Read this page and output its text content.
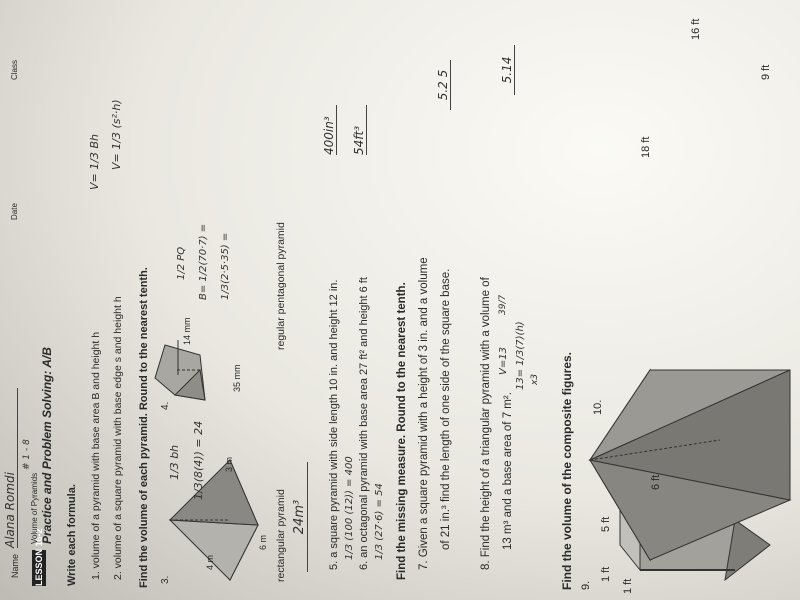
Name
Alana Romdi
Date
Class
LESSON 16-2
Volume of Pyramids
# 1 - 8 Practice and Problem Solving: A/B Write each formula. 1. volume of a pyramid with base area B and height h
V= 1/3 Bh
2. volume of a square pyramid with base edge s and height h
V= 1/3 (s²·h)
Find the volume of each pyramid. Round to the nearest tenth. 3.
4 m
3 m
6 m rectangular pyramid
1/3 bh 1/3(8(4)) = 24
24m³
4.
14 mm
35 mm
regular pentagonal pyramid
1/2 PQ B= 1/2(70·7) = 1/3(2·5·35) =
5. a square pyramid with side length 10 in. and height 12 in. 1/3 (100 (12)) = 400
400in³
6. an octagonal pyramid with base area 27 ft² and height 6 ft 1/3 (27·6) = 54
54ft³
Find the missing measure. Round to the nearest tenth. 7. Given a square pyramid with a height of 3 in. and a volume of 21 in.³ find the length of one side of the square base.
5.2 5
8. Find the height of a triangular pyramid with a volume of 13 m³ and a base area of 7 m².
V=13 13= 1/3(7)(h) x3
39/7
5.14
Find the volume of the composite figures. 9.
1 ft
1 ft
5 ft
6 ft
10.
16 ft
18 ft
9 ft
